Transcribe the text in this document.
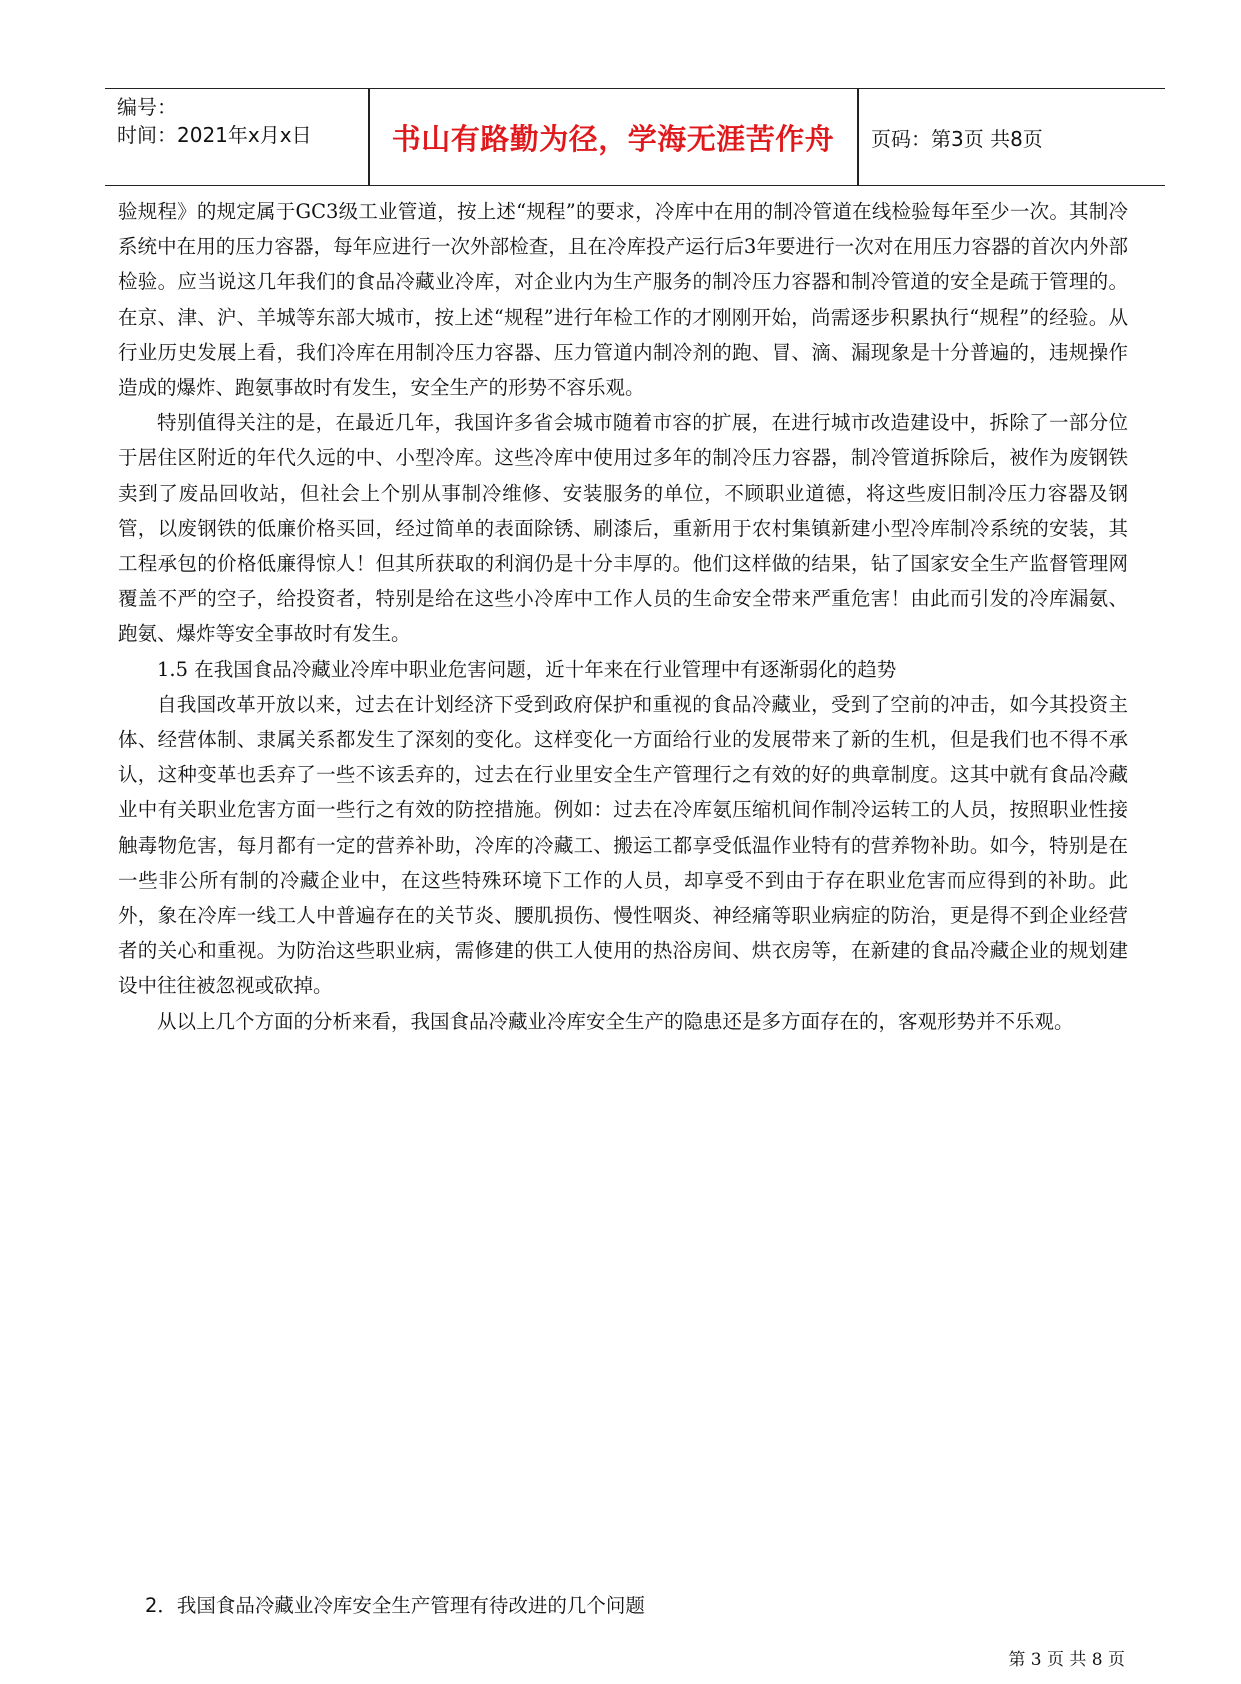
编号：
时间：2021年x月x日	书山有路勤为径，学海无涯苦作舟	页码：第3页 共8页

验规程》的规定属于GC3级工业管道，按上述“规程”的要求，冷库中在用的制冷管道在线检验每年至少一次。其制冷系统中在用的压力容器，每年应进行一次外部检查，且在冷库投产运行后3年要进行一次对在用压力容器的首次内外部检验。应当说这几年我们的食品冷藏业冷库，对企业内为生产服务的制冷压力容器和制冷管道的安全是疏于管理的。在京、津、沪、羊城等东部大城市，按上述“规程”进行年检工作的才刚刚开始，尚需逐步积累执行“规程”的经验。从行业历史发展上看，我们冷库在用制冷压力容器、压力管道内制冷剂的跑、冒、滴、漏现象是十分普遍的，违规操作造成的爆炸、跑氨事故时有发生，安全生产的形势不容乐观。

特别值得关注的是，在最近几年，我国许多省会城市随着市容的扩展，在进行城市改造建设中，拆除了一部分位于居住区附近的年代久远的中、小型冷库。这些冷库中使用过多年的制冷压力容器，制冷管道拆除后，被作为废钢铁卖到了废品回收站，但社会上个别从事制冷维修、安装服务的单位，不顾职业道德，将这些废旧制冷压力容器及钢管，以废钢铁的低廉价格买回，经过简单的表面除锈、刷漆后，重新用于农村集镇新建小型冷库制冷系统的安装，其工程承包的价格低廉得惊人！但其所获取的利润仍是十分丰厚的。他们这样做的结果，钻了国家安全生产监督管理网覆盖不严的空子，给投资者，特别是给在这些小冷库中工作人员的生命安全带来严重危害！由此而引发的冷库漏氨、跑氨、爆炸等安全事故时有发生。

1.5 在我国食品冷藏业冷库中职业危害问题，近十年来在行业管理中有逐渐弱化的趋势

自我国改革开放以来，过去在计划经济下受到政府保护和重视的食品冷藏业，受到了空前的冲击，如今其投资主体、经营体制、隶属关系都发生了深刻的变化。这样变化一方面给行业的发展带来了新的生机，但是我们也不得不承认，这种变革也丢弃了一些不该丢弃的，过去在行业里安全生产管理行之有效的好的典章制度。这其中就有食品冷藏业中有关职业危害方面一些行之有效的防控措施。例如：过去在冷库氨压缩机间作制冷运转工的人员，按照职业性接触毒物危害，每月都有一定的营养补助，冷库的冷藏工、搬运工都享受低温作业特有的营养物补助。如今，特别是在一些非公所有制的冷藏企业中，在这些特殊环境下工作的人员，却享受不到由于存在职业危害而应得到的补助。此外，象在冷库一线工人中普遍存在的关节炎、腰肌损伤、慢性咽炎、神经痛等职业病症的防治，更是得不到企业经营者的关心和重视。为防治这些职业病，需修建的供工人使用的热浴房间、烘衣房等，在新建的食品冷藏企业的规划建设中往往被忽视或砍掉。

从以上几个方面的分析来看，我国食品冷藏业冷库安全生产的隐患还是多方面存在的，客观形势并不乐观。

2．我国食品冷藏业冷库安全生产管理有待改进的几个问题
第 3 页 共 8 页
